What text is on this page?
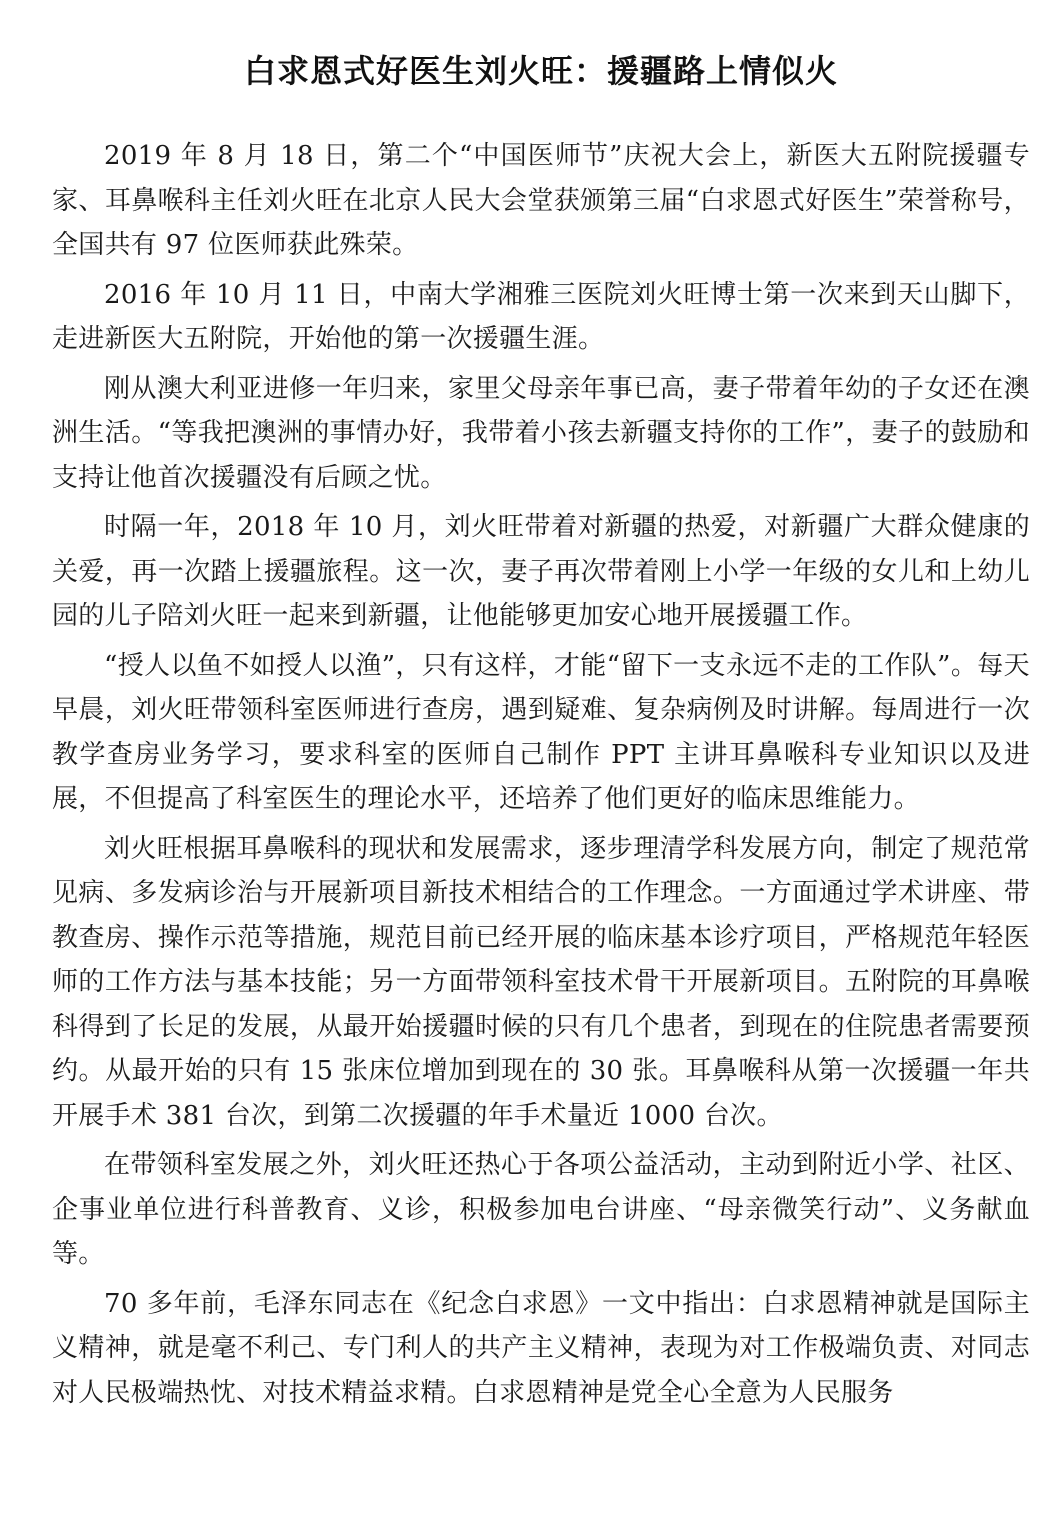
白求恩式好医生刘火旺：援疆路上情似火

2019 年 8 月 18 日，第二个“中国医师节”庆祝大会上，新医大五附院援疆专家、耳鼻喉科主任刘火旺在北京人民大会堂获颁第三届“白求恩式好医生”荣誉称号，全国共有 97 位医师获此殊荣。

2016 年 10 月 11 日，中南大学湘雅三医院刘火旺博士第一次来到天山脚下，走进新医大五附院，开始他的第一次援疆生涯。

刚从澳大利亚进修一年归来，家里父母亲年事已高，妻子带着年幼的子女还在澳洲生活。“等我把澳洲的事情办好，我带着小孩去新疆支持你的工作”，妻子的鼓励和支持让他首次援疆没有后顾之忧。

时隔一年，2018 年 10 月，刘火旺带着对新疆的热爱，对新疆广大群众健康的关爱，再一次踏上援疆旅程。这一次，妻子再次带着刚上小学一年级的女儿和上幼儿园的儿子陪刘火旺一起来到新疆，让他能够更加安心地开展援疆工作。

“授人以鱼不如授人以渔”，只有这样，才能“留下一支永远不走的工作队”。每天早晨，刘火旺带领科室医师进行查房，遇到疑难、复杂病例及时讲解。每周进行一次教学查房业务学习，要求科室的医师自己制作 PPT 主讲耳鼻喉科专业知识以及进展，不但提高了科室医生的理论水平，还培养了他们更好的临床思维能力。

刘火旺根据耳鼻喉科的现状和发展需求，逐步理清学科发展方向，制定了规范常见病、多发病诊治与开展新项目新技术相结合的工作理念。一方面通过学术讲座、带教查房、操作示范等措施，规范目前已经开展的临床基本诊疗项目，严格规范年轻医师的工作方法与基本技能；另一方面带领科室技术骨干开展新项目。五附院的耳鼻喉科得到了长足的发展，从最开始援疆时候的只有几个患者，到现在的住院患者需要预约。从最开始的只有 15 张床位增加到现在的 30 张。耳鼻喉科从第一次援疆一年共开展手术 381 台次，到第二次援疆的年手术量近 1000 台次。

在带领科室发展之外，刘火旺还热心于各项公益活动，主动到附近小学、社区、企事业单位进行科普教育、义诊，积极参加电台讲座、“母亲微笑行动”、义务献血等。

70 多年前，毛泽东同志在《纪念白求恩》一文中指出：白求恩精神就是国际主义精神，就是毫不利己、专门利人的共产主义精神，表现为对工作极端负责、对同志对人民极端热忱、对技术精益求精。白求恩精神是党全心全意为人民服务
